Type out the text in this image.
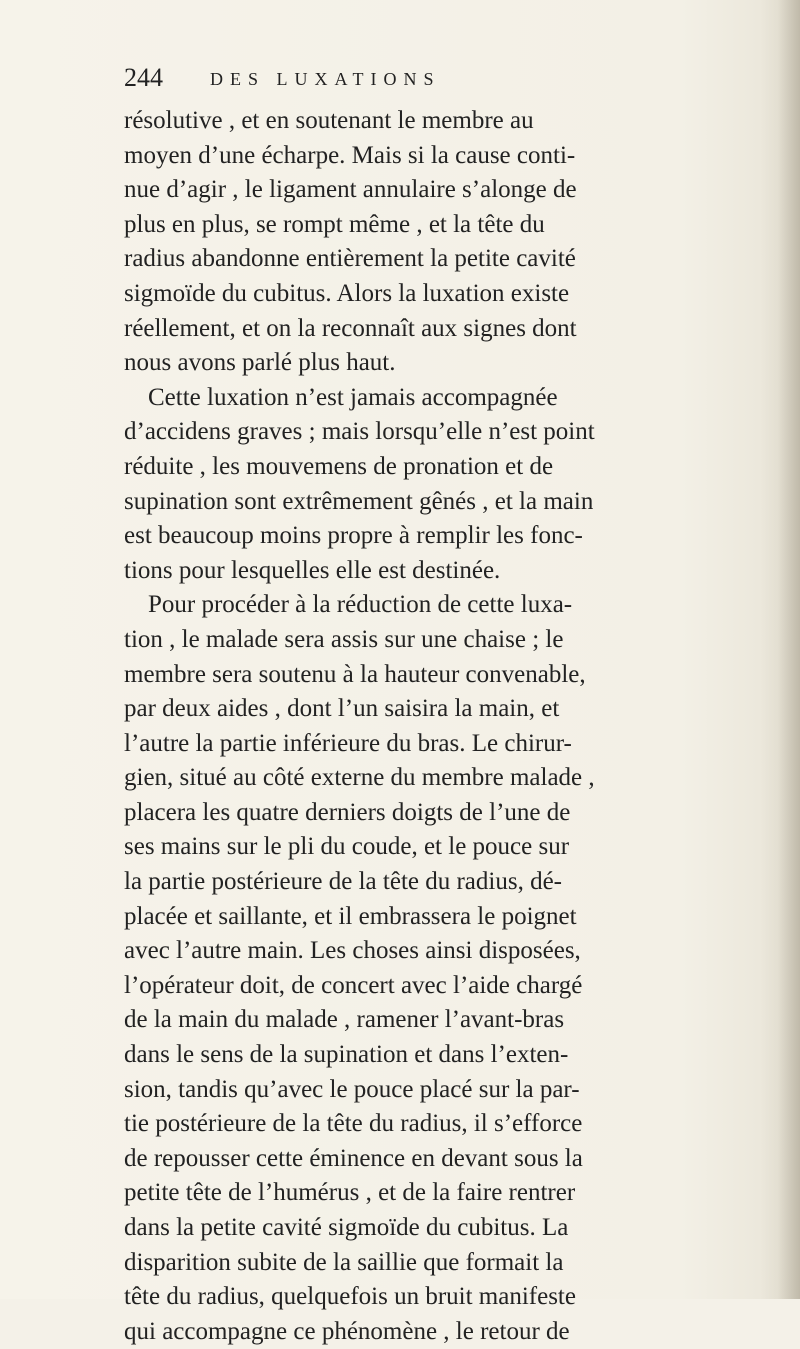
244	DES LUXATIONS
résolutive , et en soutenant le membre au
moyen d’une écharpe. Mais si la cause conti-
nue d’agir , le ligament annulaire s’alonge de
plus en plus, se rompt même , et la tête du
radius abandonne entièrement la petite cavité
sigmoïde du cubitus. Alors la luxation existe
réellement, et on la reconnaît aux signes dont
nous avons parlé plus haut.
Cette luxation n’est jamais accompagnée
d’accidens graves ; mais lorsqu’elle n’est point
réduite , les mouvemens de pronation et de
supination sont extrêmement gênés , et la main
est beaucoup moins propre à remplir les fonc-
tions pour lesquelles elle est destinée.
Pour procéder à la réduction de cette luxa-
tion , le malade sera assis sur une chaise ; le
membre sera soutenu à la hauteur convenable,
par deux aides , dont l’un saisira la main, et
l’autre la partie inférieure du bras. Le chirur-
gien, situé au côté externe du membre malade ,
placera les quatre derniers doigts de l’une de
ses mains sur le pli du coude, et le pouce sur
la partie postérieure de la tête du radius, dé-
placée et saillante, et il embrassera le poignet
avec l’autre main. Les choses ainsi disposées,
l’opérateur doit, de concert avec l’aide chargé
de la main du malade , ramener l’avant-bras
dans le sens de la supination et dans l’exten-
sion, tandis qu’avec le pouce placé sur la par-
tie postérieure de la tête du radius, il s’efforce
de repousser cette éminence en devant sous la
petite tête de l’humérus , et de la faire rentrer
dans la petite cavité sigmoïde du cubitus. La
disparition subite de la saillie que formait la
tête du radius, quelquefois un bruit manifeste
qui accompagne ce phénomène , le retour de
